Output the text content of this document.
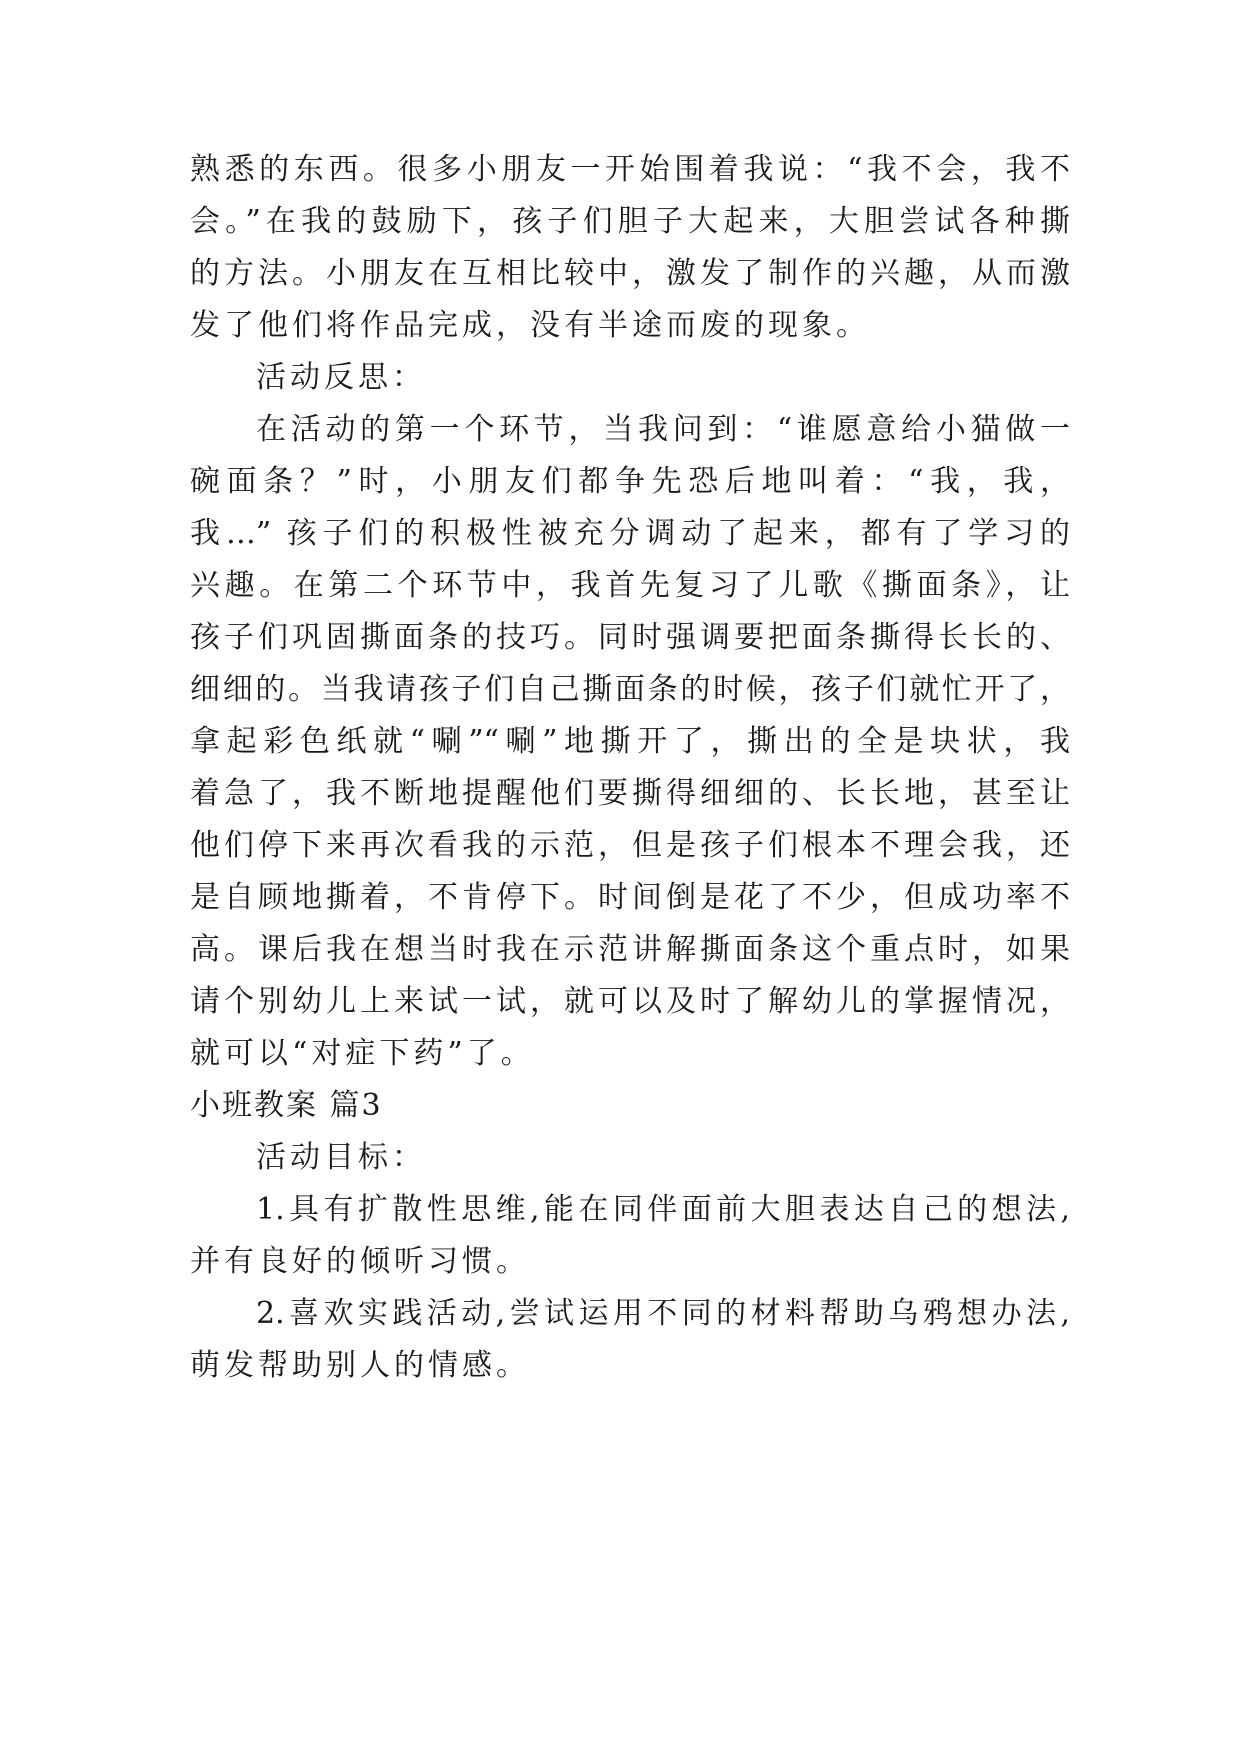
熟悉的东西。很多小朋友一开始围着我说：“我不会，我不
会。”在我的鼓励下，孩子们胆子大起来，大胆尝试各种撕
的方法。小朋友在互相比较中，激发了制作的兴趣，从而激
发了他们将作品完成，没有半途而废的现象。
活动反思：
在活动的第一个环节，当我问到：“谁愿意给小猫做一
碗面条？”时，小朋友们都争先恐后地叫着：“我，我，
我…” 孩子们的积极性被充分调动了起来，都有了学习的
兴趣。在第二个环节中，我首先复习了儿歌《撕面条》，让
孩子们巩固撕面条的技巧。同时强调要把面条撕得长长的、
细细的。当我请孩子们自己撕面条的时候，孩子们就忙开了，
拿起彩色纸就“唰”“唰”地撕开了，撕出的全是块状，我
着急了，我不断地提醒他们要撕得细细的、长长地，甚至让
他们停下来再次看我的示范，但是孩子们根本不理会我，还
是自顾地撕着，不肯停下。时间倒是花了不少，但成功率不
高。课后我在想当时我在示范讲解撕面条这个重点时，如果
请个别幼儿上来试一试，就可以及时了解幼儿的掌握情况，
就可以“对症下药”了。
小班教案 篇3
活动目标：
1.具有扩散性思维,能在同伴面前大胆表达自己的想法,
并有良好的倾听习惯。
2.喜欢实践活动,尝试运用不同的材料帮助乌鸦想办法,
萌发帮助别人的情感。
